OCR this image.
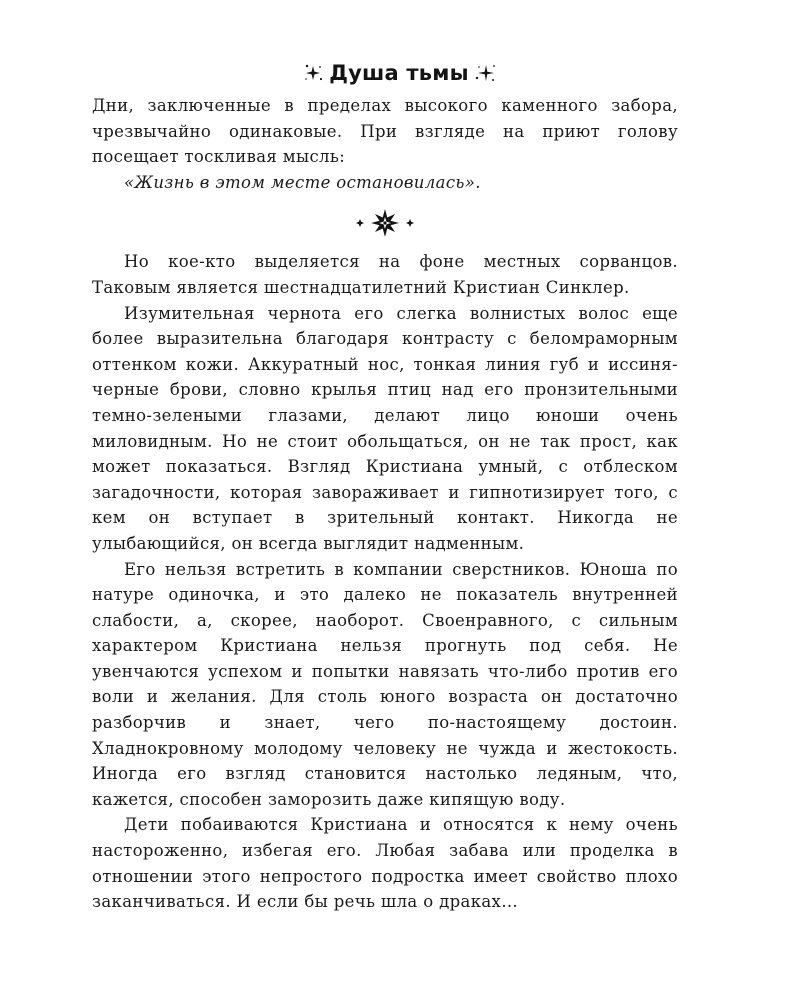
Душа тьмы

Дни, заключенные в пределах высокого каменного забора, чрезвычайно одинаковые. При взгляде на приют голову посещает тоскливая мысль:

«Жизнь в этом месте остановилась».

Но кое-кто выделяется на фоне местных сорванцов. Таковым является шестнадцатилетний Кристиан Синклер.

Изумительная чернота его слегка волнистых волос еще более выразительна благодаря контрасту с беломраморным оттенком кожи. Аккуратный нос, тонкая линия губ и иссиня-черные брови, словно крылья птиц над его пронзительными темно-зелеными глазами, делают лицо юноши очень миловидным. Но не стоит обольщаться, он не так прост, как может показаться. Взгляд Кристиана умный, с отблеском загадочности, которая завораживает и гипнотизирует того, с кем он вступает в зрительный контакт. Никогда не улыбающийся, он всегда выглядит надменным.

Его нельзя встретить в компании сверстников. Юноша по натуре одиночка, и это далеко не показатель внутренней слабости, а, скорее, наоборот. Своенравного, с сильным характером Кристиана нельзя прогнуть под себя. Не увенчаются успехом и попытки навязать что-либо против его воли и желания. Для столь юного возраста он достаточно разборчив и знает, чего по-настоящему достоин. Хладнокровному молодому человеку не чужда и жестокость. Иногда его взгляд становится настолько ледяным, что, кажется, способен заморозить даже кипящую воду.

Дети побаиваются Кристиана и относятся к нему очень настороженно, избегая его. Любая забава или проделка в отношении этого непростого подростка имеет свойство плохо заканчиваться. И если бы речь шла о драках…
